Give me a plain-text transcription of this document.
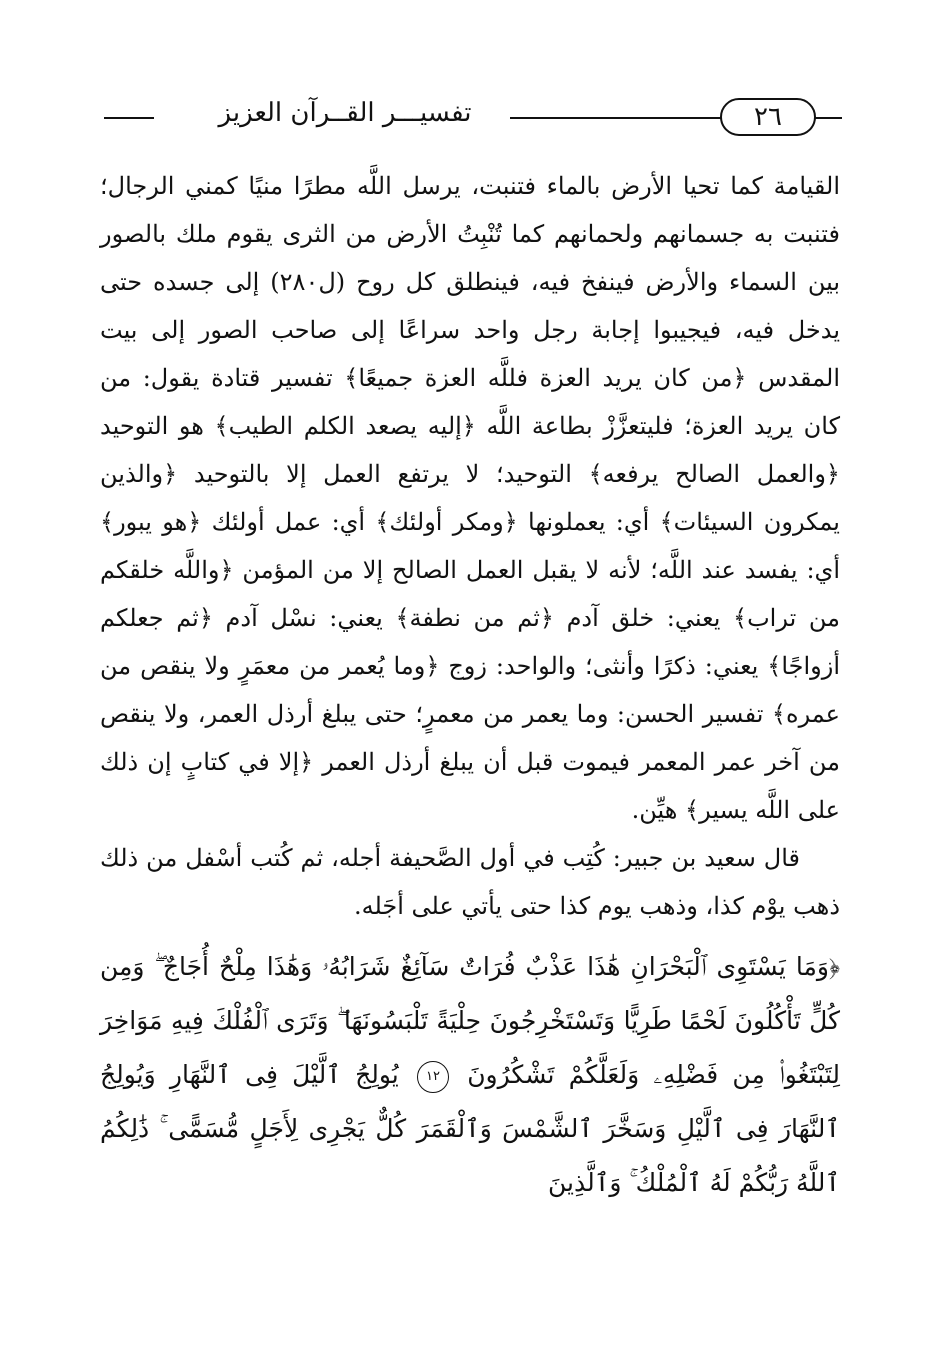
تفسيـــر القــرآن العزيز	٢٦

القيامة كما تحيا الأرض بالماء فتنبت، يرسل اللَّه مطرًا منيًا كمني الرجال؛ فتنبت به جسمانهم ولحمانهم كما تُنْبِتُ الأرض من الثرى يقوم ملك بالصور بين السماء والأرض فينفخ فيه، فينطلق كل روح (ل٢٨٠) إلى جسده حتى يدخل فيه، فيجيبوا إجابة رجل واحد سراعًا إلى صاحب الصور إلى بيت المقدس ﴿من كان يريد العزة فللَّه العزة جميعًا﴾ تفسير قتادة يقول: من كان يريد العزة؛ فليتعزَّزْ بطاعة اللَّه ﴿إليه يصعد الكلم الطيب﴾ هو التوحيد ﴿والعمل الصالح يرفعه﴾ التوحيد؛ لا يرتفع العمل إلا بالتوحيد ﴿والذين يمكرون السيئات﴾ أي: يعملونها ﴿ومكر أولئك﴾ أي: عمل أولئك ﴿هو يبور﴾ أي: يفسد عند اللَّه؛ لأنه لا يقبل العمل الصالح إلا من المؤمن ﴿واللَّه خلقكم من تراب﴾ يعني: خلق آدم ﴿ثم من نطفة﴾ يعني: نسْل آدم ﴿ثم جعلكم أزواجًا﴾ يعني: ذكرًا وأنثى؛ والواحد: زوج ﴿وما يُعمر من معمَرٍ ولا ينقص من عمره﴾ تفسير الحسن: وما يعمر من معمرٍ؛ حتى يبلغ أرذل العمر، ولا ينقص من آخر عمر المعمر فيموت قبل أن يبلغ أرذل العمر ﴿إلا في كتابٍ إن ذلك على اللَّه يسير﴾ هيِّن.

قال سعيد بن جبير: كُتِب في أول الصَّحيفة أجله، ثم كُتب أسْفل من ذلك ذهب يوْم كذا، وذهب يوم كذا حتى يأتي على أجَله.

﴿وَمَا يَسْتَوِى ٱلْبَحْرَانِ هَٰذَا عَذْبٌ فُرَاتٌ سَآئِغٌ شَرَابُهُۥ وَهَٰذَا مِلْحٌ أُجَاجٌ ۖ وَمِن كُلٍّ تَأْكُلُونَ لَحْمًا طَرِيًّا وَتَسْتَخْرِجُونَ حِلْيَةً تَلْبَسُونَهَا ۖ وَتَرَى ٱلْفُلْكَ فِيهِ مَوَاخِرَ لِتَبْتَغُوا۟ مِن فَضْلِهِۦ وَلَعَلَّكُمْ تَشْكُرُونَ ١٢ يُولِجُ ٱلَّيْلَ فِى ٱلنَّهَارِ وَيُولِجُ ٱلنَّهَارَ فِى ٱلَّيْلِ وَسَخَّرَ ٱلشَّمْسَ وَٱلْقَمَرَ كُلٌّ يَجْرِى لِأَجَلٍ مُّسَمًّى ۚ ذَٰلِكُمُ ٱللَّهُ رَبُّكُمْ لَهُ ٱلْمُلْكُ ۚ وَٱلَّذِينَ
